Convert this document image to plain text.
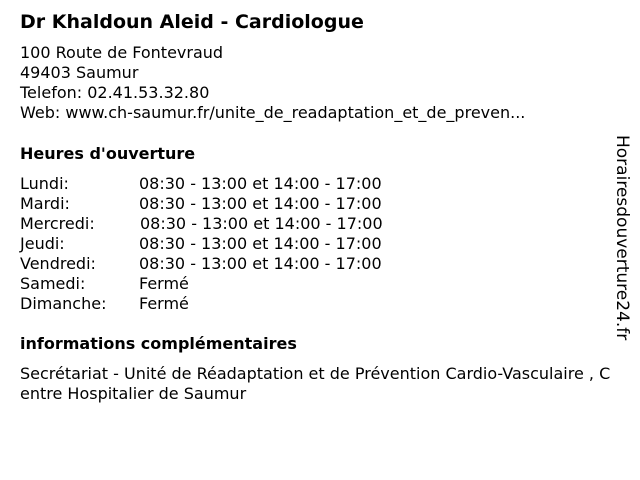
Dr Khaldoun Aleid - Cardiologue
100 Route de Fontevraud
49403 Saumur
Telefon: 02.41.53.32.80
Web: www.ch-saumur.fr/unite_de_readaptation_et_de_preven...
Heures d'ouverture
Lundi:	08:30 - 13:00 et 14:00 - 17:00
Mardi:	08:30 - 13:00 et 14:00 - 17:00
Mercredi:	08:30 - 13:00 et 14:00 - 17:00
Jeudi:	08:30 - 13:00 et 14:00 - 17:00
Vendredi:	08:30 - 13:00 et 14:00 - 17:00
Samedi:	Fermé
Dimanche: Fermé
informations complémentaires
Secrétariat - Unité de Réadaptation et de Prévention Cardio-Vasculaire , Centre Hospitalier de Saumur
Horairesdouverture24.fr
